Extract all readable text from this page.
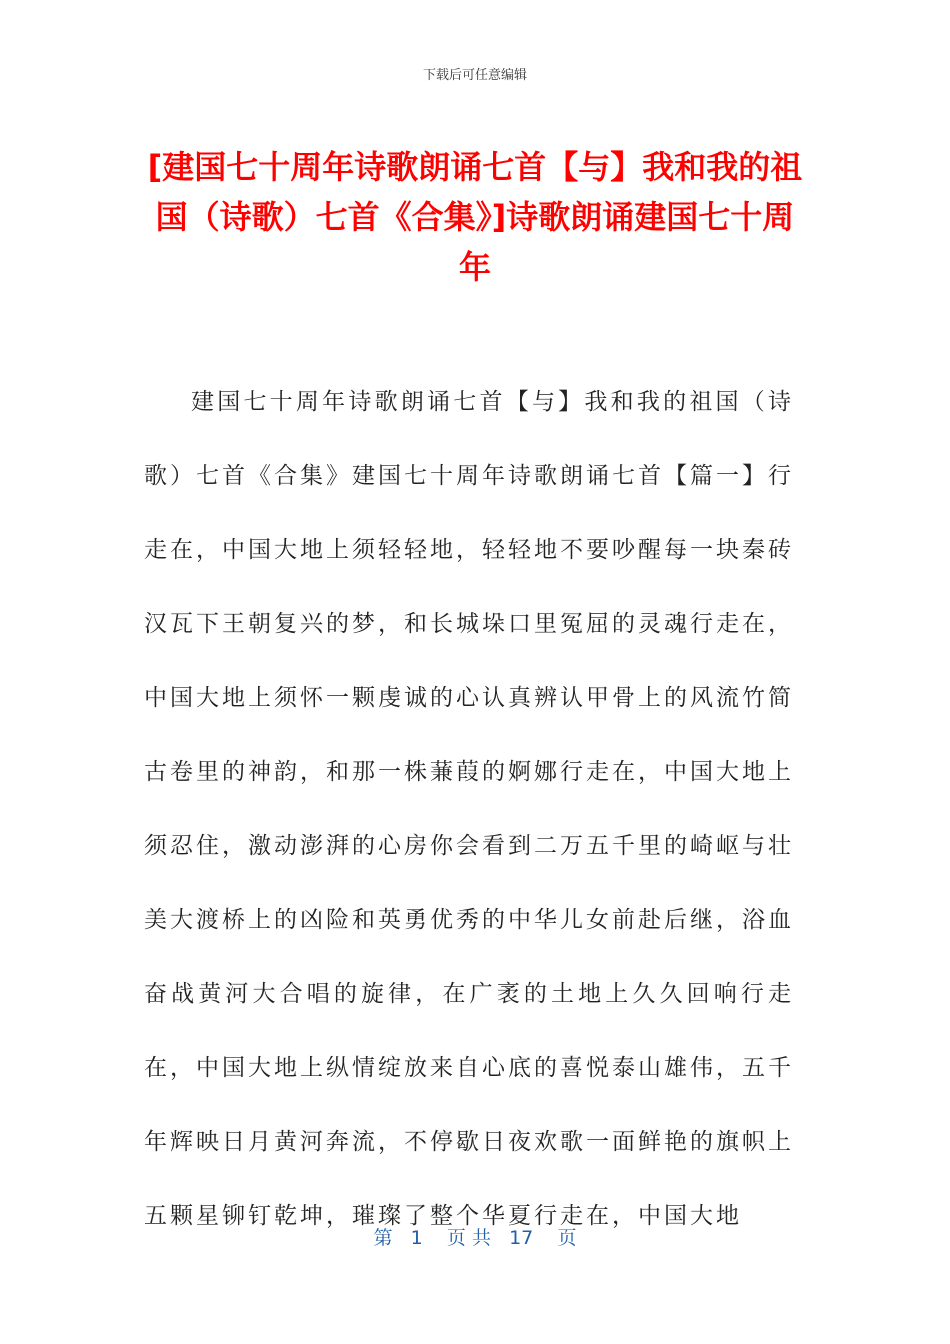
下载后可任意编辑
[建国七十周年诗歌朗诵七首【与】我和我的祖国（诗歌）七首《合集》]诗歌朗诵建国七十周年

建国七十周年诗歌朗诵七首【与】我和我的祖国（诗歌）七首《合集》建国七十周年诗歌朗诵七首【篇一】行走在，中国大地上须轻轻地，轻轻地不要吵醒每一块秦砖汉瓦下王朝复兴的梦，和长城垛口里冤屈的灵魂行走在，中国大地上须怀一颗虔诚的心认真辨认甲骨上的风流竹简古卷里的神韵，和那一株蒹葭的婀娜行走在，中国大地上须忍住，激动澎湃的心房你会看到二万五千里的崎岖与壮美大渡桥上的凶险和英勇优秀的中华儿女前赴后继，浴血奋战黄河大合唱的旋律，在广袤的土地上久久回响行走在，中国大地上纵情绽放来自心底的喜悦泰山雄伟，五千年辉映日月黄河奔流，不停歇日夜欢歌一面鲜艳的旗帜上五颗星铆钉乾坤，璀璨了整个华夏行走在，中国大地

第 1 页 共 17 页
